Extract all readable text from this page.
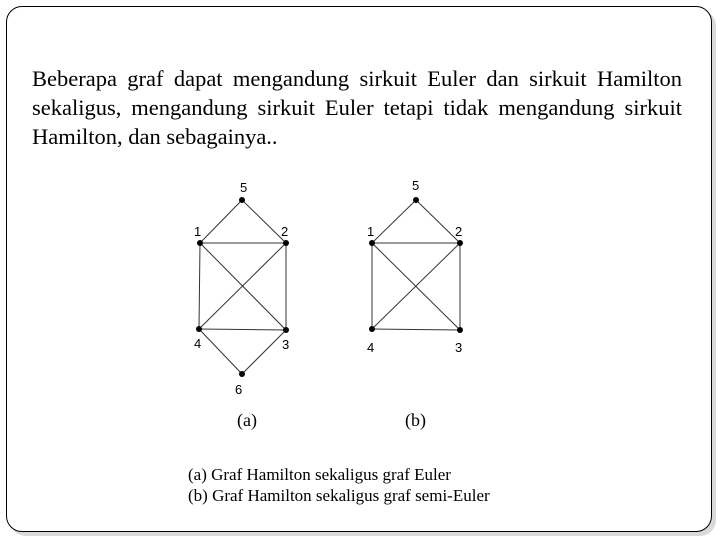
Beberapa graf dapat mengandung sirkuit Euler dan sirkuit Hamilton sekaligus, mengandung sirkuit Euler tetapi tidak mengandung sirkuit Hamilton, dan sebagainya..

5
1	2
4	3
6
5
1	2
4	3
(a)	(b)
(a) Graf Hamilton sekaligus graf Euler
(b) Graf Hamilton sekaligus graf semi-Euler
